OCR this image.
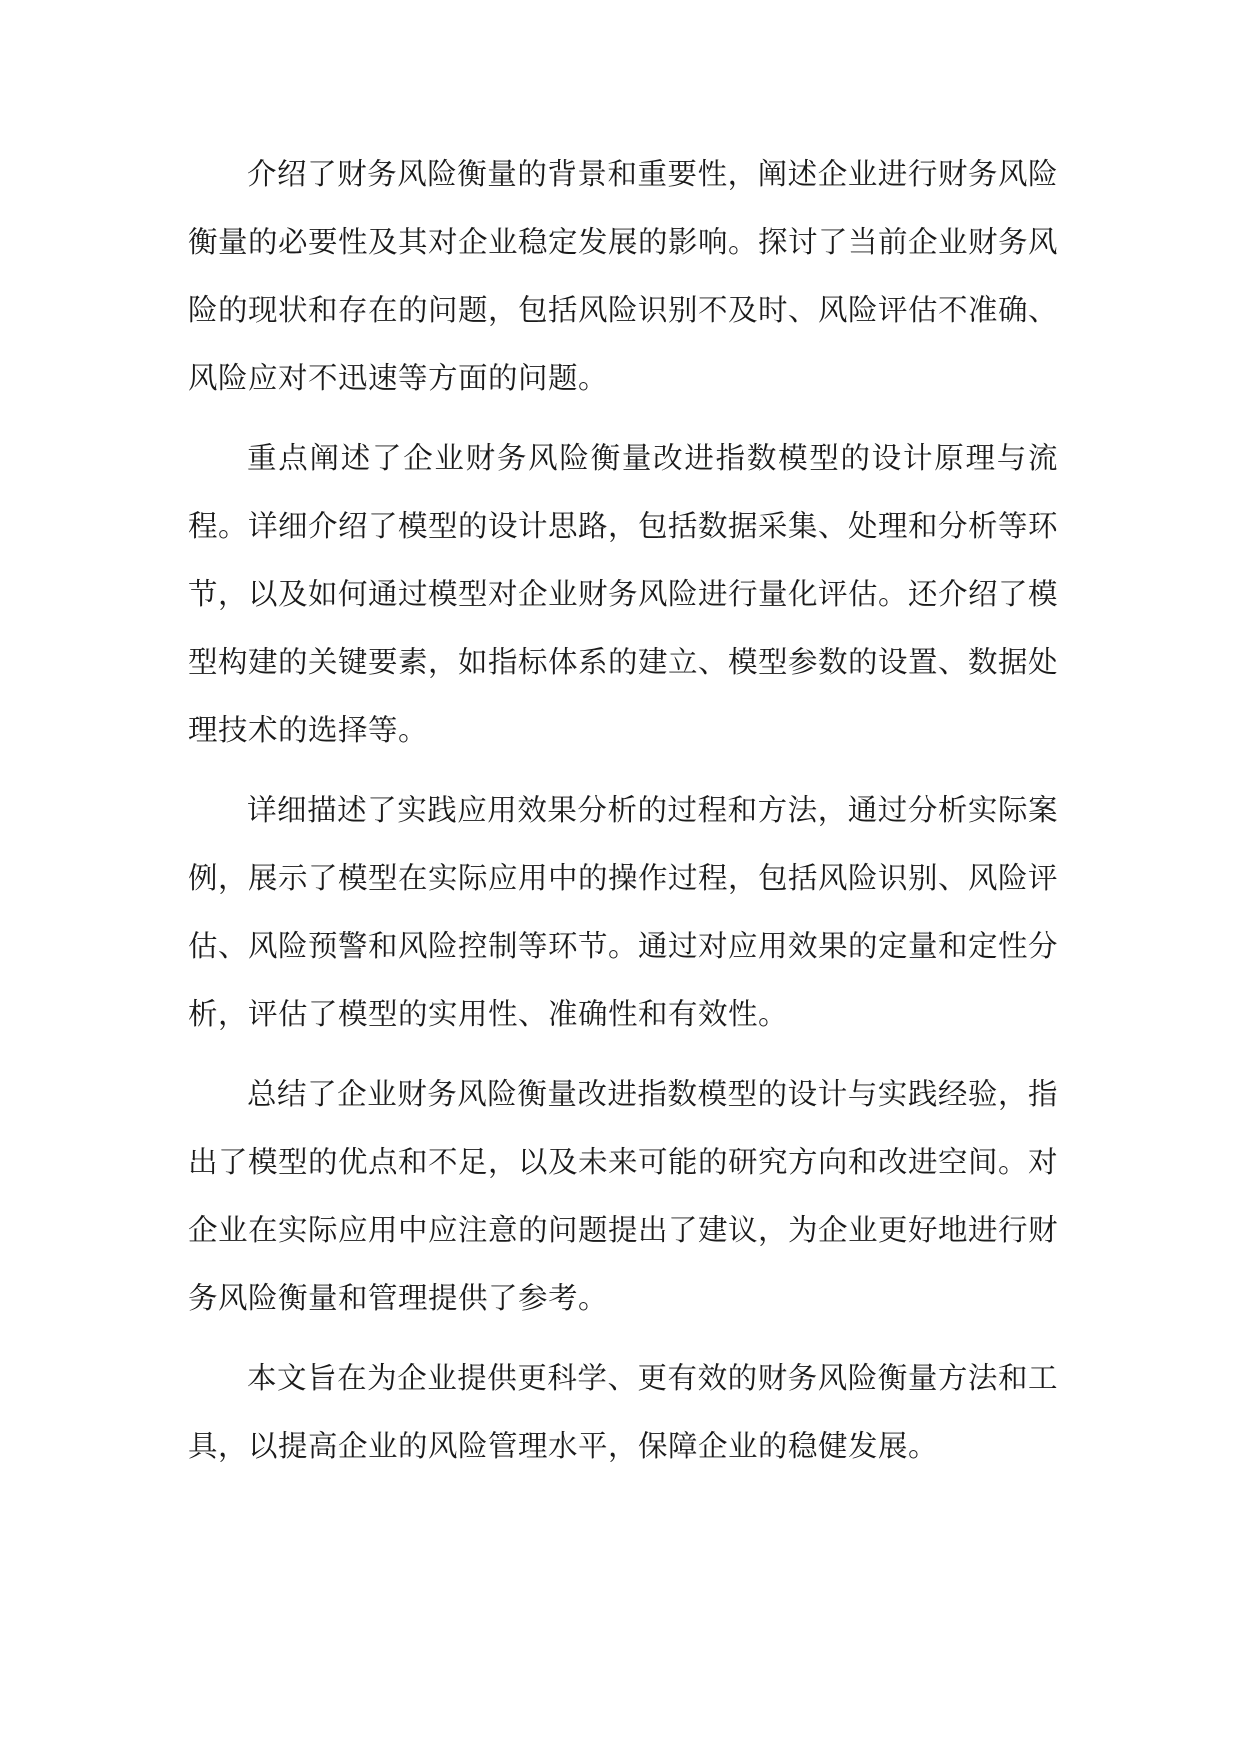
介绍了财务风险衡量的背景和重要性，阐述企业进行财务风险衡量的必要性及其对企业稳定发展的影响。探讨了当前企业财务风险的现状和存在的问题，包括风险识别不及时、风险评估不准确、风险应对不迅速等方面的问题。

重点阐述了企业财务风险衡量改进指数模型的设计原理与流程。详细介绍了模型的设计思路，包括数据采集、处理和分析等环节，以及如何通过模型对企业财务风险进行量化评估。还介绍了模型构建的关键要素，如指标体系的建立、模型参数的设置、数据处理技术的选择等。

详细描述了实践应用效果分析的过程和方法，通过分析实际案例，展示了模型在实际应用中的操作过程，包括风险识别、风险评估、风险预警和风险控制等环节。通过对应用效果的定量和定性分析，评估了模型的实用性、准确性和有效性。

总结了企业财务风险衡量改进指数模型的设计与实践经验，指出了模型的优点和不足，以及未来可能的研究方向和改进空间。对企业在实际应用中应注意的问题提出了建议，为企业更好地进行财务风险衡量和管理提供了参考。

本文旨在为企业提供更科学、更有效的财务风险衡量方法和工具，以提高企业的风险管理水平，保障企业的稳健发展。
